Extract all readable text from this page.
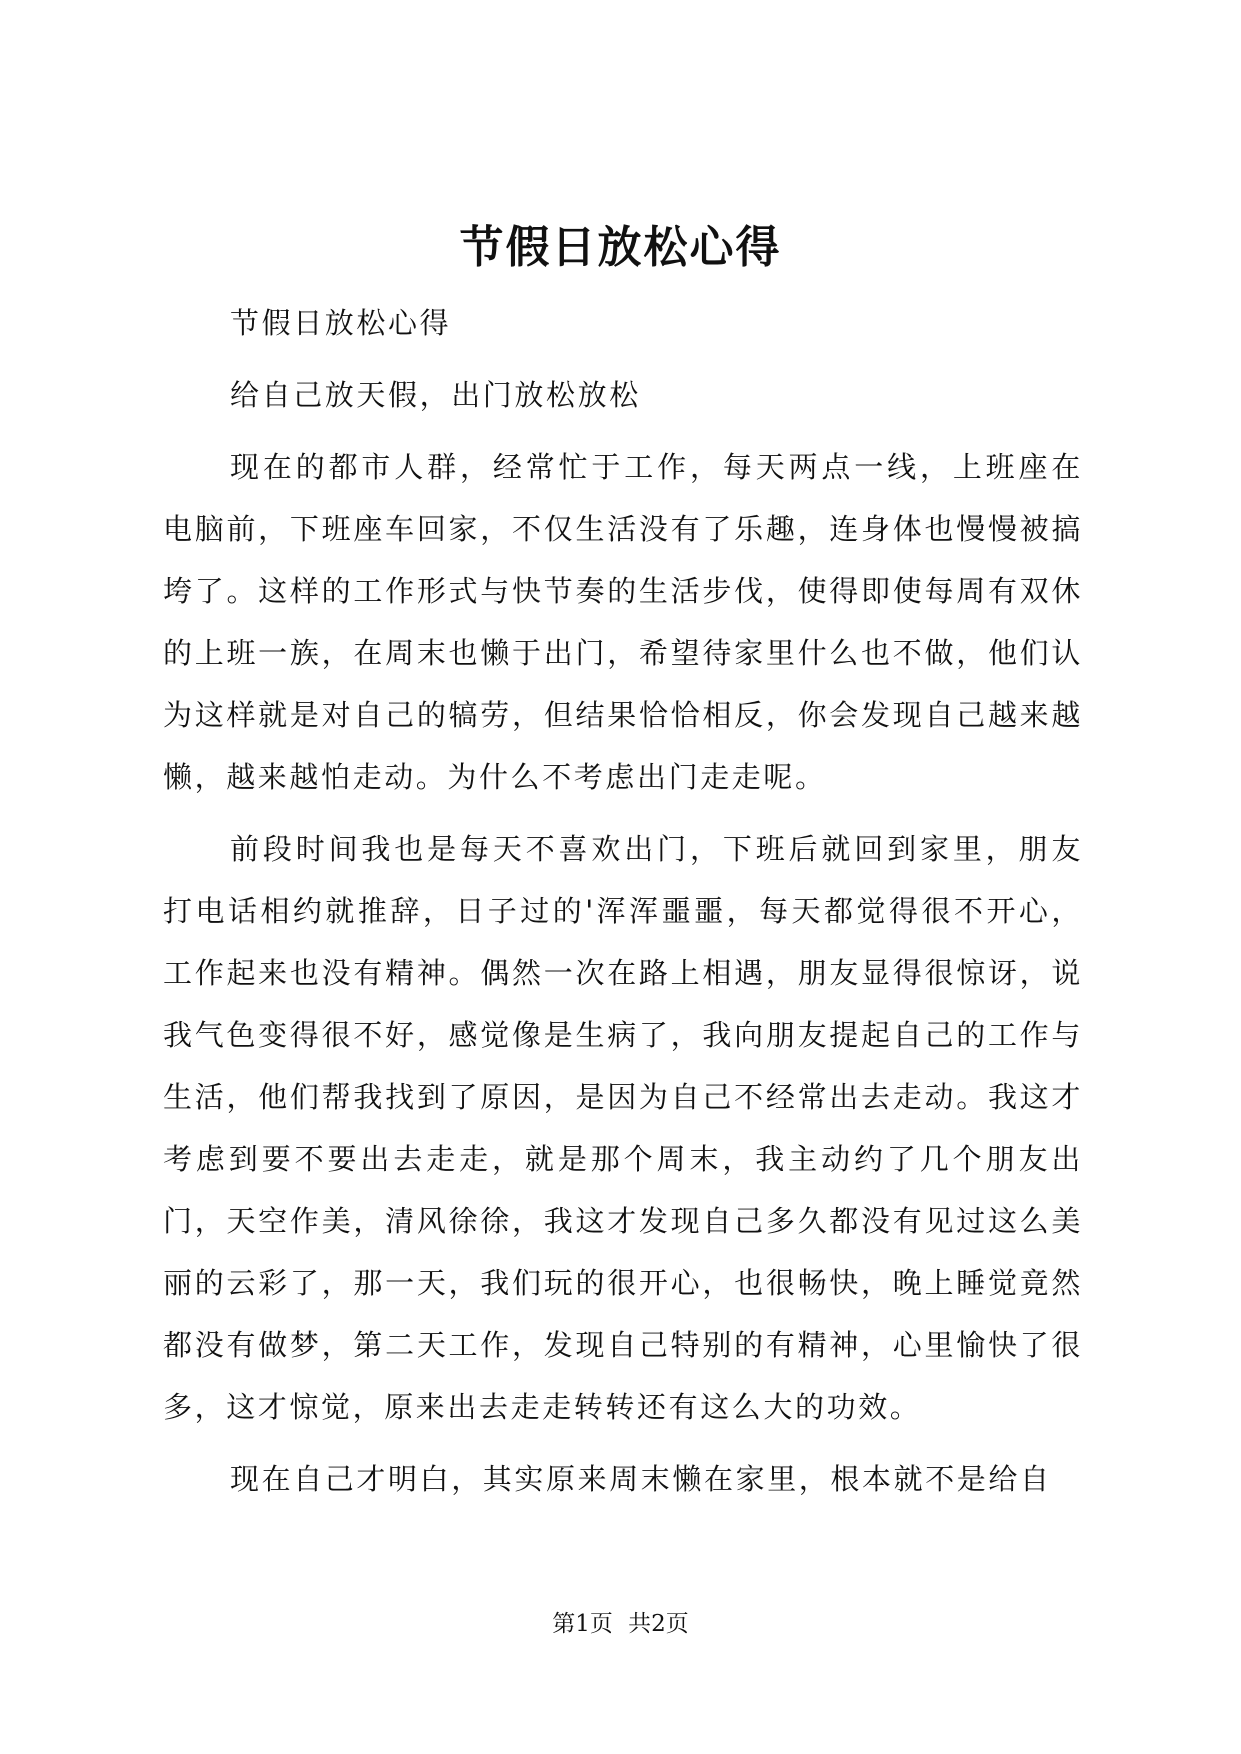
节假日放松心得

节假日放松心得

给自己放天假，出门放松放松

现在的都市人群，经常忙于工作，每天两点一线，上班座在电脑前，下班座车回家，不仅生活没有了乐趣，连身体也慢慢被搞垮了。这样的工作形式与快节奏的生活步伐，使得即使每周有双休的上班一族，在周末也懒于出门，希望待家里什么也不做，他们认为这样就是对自己的犒劳，但结果恰恰相反，你会发现自己越来越懒，越来越怕走动。为什么不考虑出门走走呢。

前段时间我也是每天不喜欢出门，下班后就回到家里，朋友打电话相约就推辞，日子过的'浑浑噩噩，每天都觉得很不开心，工作起来也没有精神。偶然一次在路上相遇，朋友显得很惊讶，说我气色变得很不好，感觉像是生病了，我向朋友提起自己的工作与生活，他们帮我找到了原因，是因为自己不经常出去走动。我这才考虑到要不要出去走走，就是那个周末，我主动约了几个朋友出门，天空作美，清风徐徐，我这才发现自己多久都没有见过这么美丽的云彩了，那一天，我们玩的很开心，也很畅快，晚上睡觉竟然都没有做梦，第二天工作，发现自己特别的有精神，心里愉快了很多，这才惊觉，原来出去走走转转还有这么大的功效。

现在自己才明白，其实原来周末懒在家里，根本就不是给自

第1页 共2页
